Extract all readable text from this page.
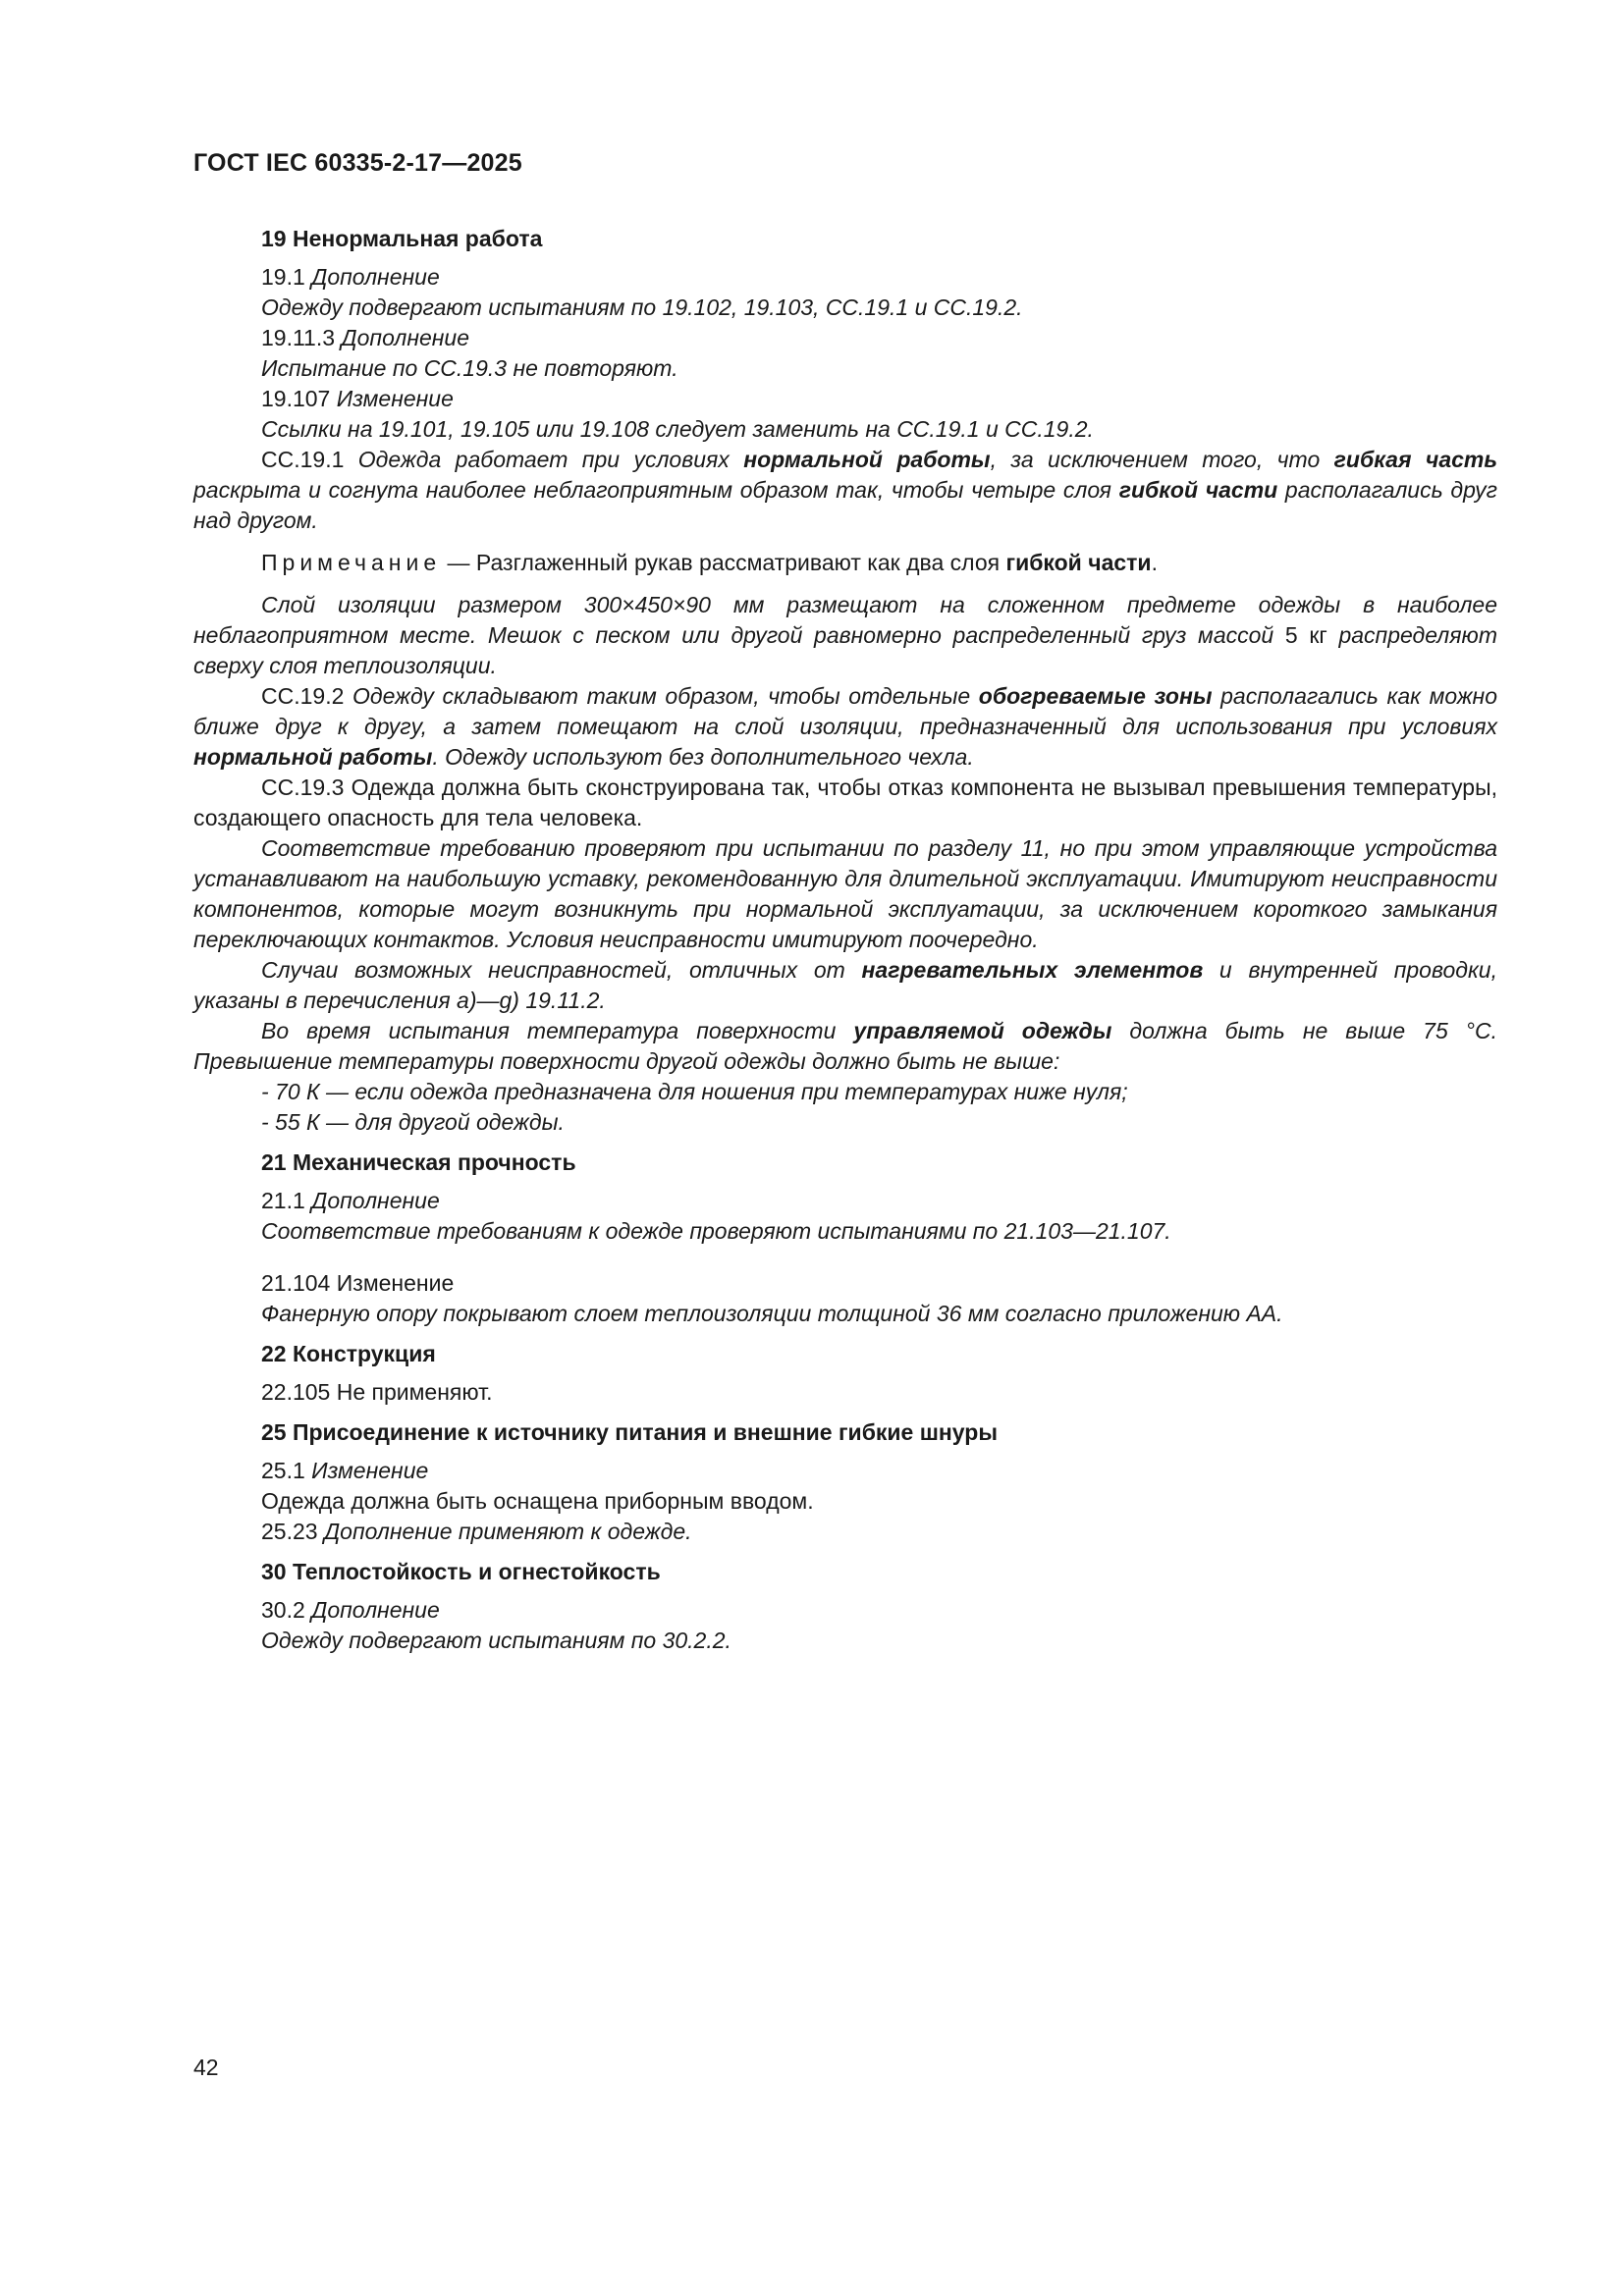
ГОСТ IEC 60335-2-17—2025
19 Ненормальная работа
19.1 Дополнение
Одежду подвергают испытаниям по 19.102, 19.103, CC.19.1 и CC.19.2.
19.11.3 Дополнение
Испытание по CC.19.3 не повторяют.
19.107 Изменение
Ссылки на 19.101, 19.105 или 19.108 следует заменить на CC.19.1 и CC.19.2.
CC.19.1 Одежда работает при условиях нормальной работы, за исключением того, что гибкая часть раскрыта и согнута наиболее неблагоприятным образом так, чтобы четыре слоя гибкой части располагались друг над другом.
Примечание — Разглаженный рукав рассматривают как два слоя гибкой части.
Слой изоляции размером 300×450×90 мм размещают на сложенном предмете одежды в наиболее неблагоприятном месте. Мешок с песком или другой равномерно распределенный груз массой 5 кг распределяют сверху слоя теплоизоляции.
CC.19.2 Одежду складывают таким образом, чтобы отдельные обогреваемые зоны располагались как можно ближе друг к другу, а затем помещают на слой изоляции, предназначенный для использования при условиях нормальной работы. Одежду используют без дополнительного чехла.
CC.19.3 Одежда должна быть сконструирована так, чтобы отказ компонента не вызывал превышения температуры, создающего опасность для тела человека.
Соответствие требованию проверяют при испытании по разделу 11, но при этом управляющие устройства устанавливают на наибольшую уставку, рекомендованную для длительной эксплуатации. Имитируют неисправности компонентов, которые могут возникнуть при нормальной эксплуатации, за исключением короткого замыкания переключающих контактов. Условия неисправности имитируют поочередно.
Случаи возможных неисправностей, отличных от нагревательных элементов и внутренней проводки, указаны в перечисления a)—g) 19.11.2.
Во время испытания температура поверхности управляемой одежды должна быть не выше 75 °С. Превышение температуры поверхности другой одежды должно быть не выше:
- 70 К — если одежда предназначена для ношения при температурах ниже нуля;
- 55 К — для другой одежды.
21 Механическая прочность
21.1 Дополнение
Соответствие требованиям к одежде проверяют испытаниями по 21.103—21.107.
21.104 Изменение
Фанерную опору покрывают слоем теплоизоляции толщиной 36 мм согласно приложению АА.
22 Конструкция
22.105 Не применяют.
25 Присоединение к источнику питания и внешние гибкие шнуры
25.1 Изменение
Одежда должна быть оснащена приборным вводом.
25.23 Дополнение применяют к одежде.
30 Теплостойкость и огнестойкость
30.2 Дополнение
Одежду подвергают испытаниям по 30.2.2.
42
